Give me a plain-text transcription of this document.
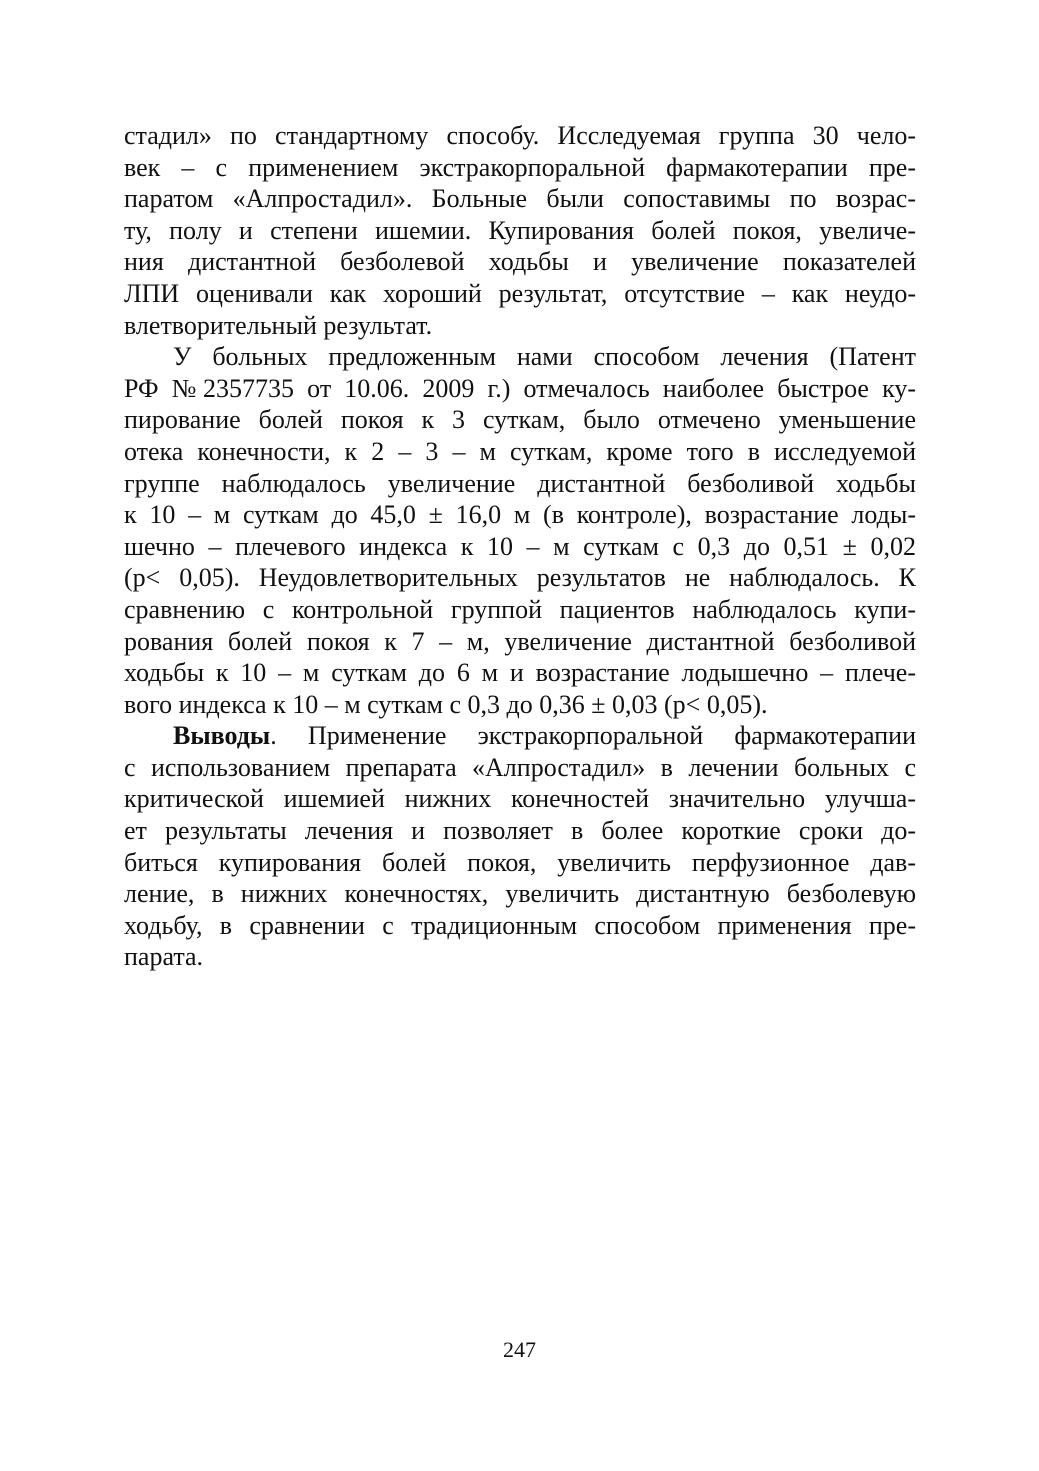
стадил» по стандартному способу. Исследуемая группа 30 чело-
век – с применением экстракорпоральной фармакотерапии пре-
паратом «Алпростадил». Больные были сопоставимы по возрас-
ту, полу и степени ишемии. Купирования болей покоя, увеличе-
ния дистантной безболевой ходьбы и увеличение показателей
ЛПИ оценивали как хороший результат, отсутствие – как неудо-
влетворительный результат.
У больных предложенным нами способом лечения (Патент
РФ №2357735 от 10.06. 2009 г.) отмечалось наиболее быстрое ку-
пирование болей покоя к 3 суткам, было отмечено уменьшение
отека конечности, к 2 – 3 – м суткам, кроме того в исследуемой
группе наблюдалось увеличение дистантной безболивой ходьбы
к 10 – м суткам до 45,0 ± 16,0 м (в контроле), возрастание лоды-
шечно – плечевого индекса к 10 – м суткам с 0,3 до 0,51 ± 0,02
(р< 0,05). Неудовлетворительных результатов не наблюдалось. К
сравнению с контрольной группой пациентов наблюдалось купи-
рования болей покоя к 7 – м, увеличение дистантной безболивой
ходьбы к 10 – м суткам до 6 м и возрастание лодышечно – плече-
вого индекса к 10 – м суткам с 0,3 до 0,36 ± 0,03 (р< 0,05).
Выводы. Применение экстракорпоральной фармакотерапии
с использованием препарата «Алпростадил» в лечении больных с
критической ишемией нижних конечностей значительно улучша-
ет результаты лечения и позволяет в более короткие сроки до-
биться купирования болей покоя, увеличить перфузионное дав-
ление, в нижних конечностях, увеличить дистантную безболевую
ходьбу, в сравнении с традиционным способом применения пре-
парата.
247
